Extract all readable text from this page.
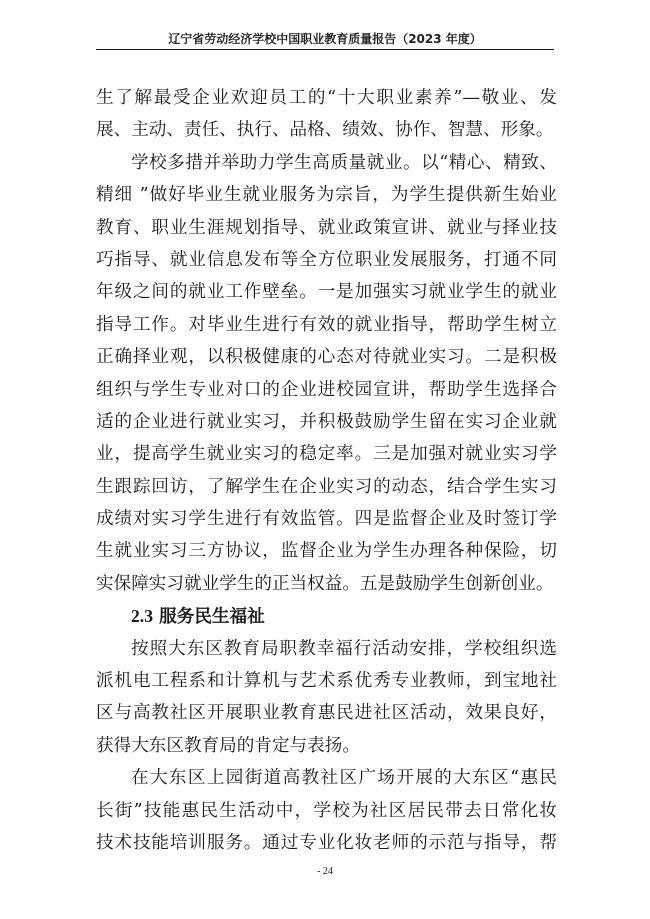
辽宁省劳动经济学校中国职业教育质量报告（2023 年度）
生了解最受企业欢迎员工的“十大职业素养”—敬业、发
展、主动、责任、执行、品格、绩效、协作、智慧、形象。
学校多措并举助力学生高质量就业。以“精心、精致、
精细 ”做好毕业生就业服务为宗旨，为学生提供新生始业
教育、职业生涯规划指导、就业政策宣讲、就业与择业技
巧指导、就业信息发布等全方位职业发展服务，打通不同
年级之间的就业工作壁垒。一是加强实习就业学生的就业
指导工作。对毕业生进行有效的就业指导，帮助学生树立
正确择业观，以积极健康的心态对待就业实习。二是积极
组织与学生专业对口的企业进校园宣讲，帮助学生选择合
适的企业进行就业实习，并积极鼓励学生留在实习企业就
业，提高学生就业实习的稳定率。三是加强对就业实习学
生跟踪回访，了解学生在企业实习的动态，结合学生实习
成绩对实习学生进行有效监管。四是监督企业及时签订学
生就业实习三方协议，监督企业为学生办理各种保险，切
实保障实习就业学生的正当权益。五是鼓励学生创新创业。
2.3 服务民生福祉
按照大东区教育局职教幸福行活动安排，学校组织选
派机电工程系和计算机与艺术系优秀专业教师，到宝地社
区与高教社区开展职业教育惠民进社区活动，效果良好，
获得大东区教育局的肯定与表扬。
在大东区上园街道高教社区广场开展的大东区“惠民
长街”技能惠民生活动中，学校为社区居民带去日常化妆
技术技能培训服务。通过专业化妆老师的示范与指导，帮
- 24
